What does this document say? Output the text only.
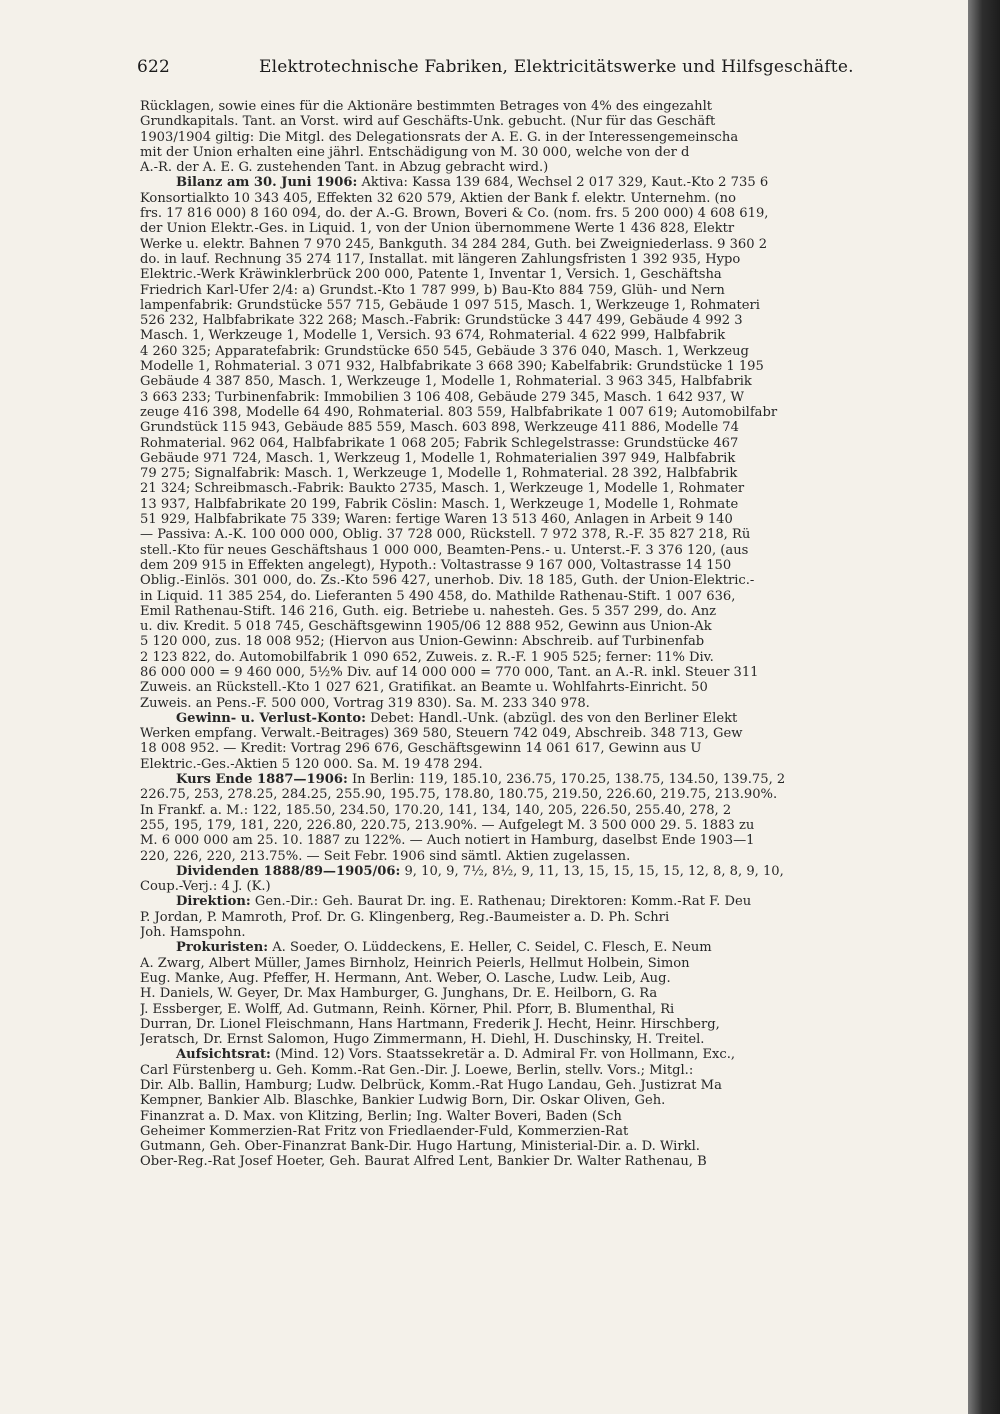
622	Elektrotechnische Fabriken, Elektricitätswerke und Hilfsgeschäfte.
Rücklagen, sowie eines für die Aktionäre bestimmten Betrages von 4% des eingezahlt
Grundkapitals. Tant. an Vorst. wird auf Geschäfts-Unk. gebucht. (Nur für das Geschäft
1903/1904 giltig: Die Mitgl. des Delegationsrats der A. E. G. in der Interessengemeinscha
mit der Union erhalten eine jährl. Entschädigung von M. 30 000, welche von der d
A.-R. der A. E. G. zustehenden Tant. in Abzug gebracht wird.)
Bilanz am 30. Juni 1906: Aktiva: Kassa 139 684, Wechsel 2 017 329, Kaut.-Kto 2 735 6
Konsortialkto 10 343 405, Effekten 32 620 579, Aktien der Bank f. elektr. Unternehm. (no
frs. 17 816 000) 8 160 094, do. der A.-G. Brown, Boveri & Co. (nom. frs. 5 200 000) 4 608 619,
der Union Elektr.-Ges. in Liquid. 1, von der Union übernommene Werte 1 436 828, Elektr
Werke u. elektr. Bahnen 7 970 245, Bankguth. 34 284 284, Guth. bei Zweigniederlass. 9 360 2
do. in lauf. Rechnung 35 274 117, Installat. mit längeren Zahlungsfristen 1 392 935, Hypo
Elektric.-Werk Kräwinklerbrück 200 000, Patente 1, Inventar 1, Versich. 1, Geschäftsha
Friedrich Karl-Ufer 2/4: a) Grundst.-Kto 1 787 999, b) Bau-Kto 884 759, Glüh- und Nern
lampenfabrik: Grundstücke 557 715, Gebäude 1 097 515, Masch. 1, Werkzeuge 1, Rohmateri
526 232, Halbfabrikate 322 268; Masch.-Fabrik: Grundstücke 3 447 499, Gebäude 4 992 3
Masch. 1, Werkzeuge 1, Modelle 1, Versich. 93 674, Rohmaterial. 4 622 999, Halbfabrik
4 260 325; Apparatefabrik: Grundstücke 650 545, Gebäude 3 376 040, Masch. 1, Werkzeug
Modelle 1, Rohmaterial. 3 071 932, Halbfabrikate 3 668 390; Kabelfabrik: Grundstücke 1 195
Gebäude 4 387 850, Masch. 1, Werkzeuge 1, Modelle 1, Rohmaterial. 3 963 345, Halbfabrik
3 663 233; Turbinenfabrik: Immobilien 3 106 408, Gebäude 279 345, Masch. 1 642 937, W
zeuge 416 398, Modelle 64 490, Rohmaterial. 803 559, Halbfabrikate 1 007 619; Automobilfabr
Grundstück 115 943, Gebäude 885 559, Masch. 603 898, Werkzeuge 411 886, Modelle 74
Rohmaterial. 962 064, Halbfabrikate 1 068 205; Fabrik Schlegelstrasse: Grundstücke 467
Gebäude 971 724, Masch. 1, Werkzeug 1, Modelle 1, Rohmaterialien 397 949, Halbfabrik
79 275; Signalfabrik: Masch. 1, Werkzeuge 1, Modelle 1, Rohmaterial. 28 392, Halbfabrik
21 324; Schreibmasch.-Fabrik: Baukto 2735, Masch. 1, Werkzeuge 1, Modelle 1, Rohmater
13 937, Halbfabrikate 20 199, Fabrik Cöslin: Masch. 1, Werkzeuge 1, Modelle 1, Rohmate
51 929, Halbfabrikate 75 339; Waren: fertige Waren 13 513 460, Anlagen in Arbeit 9 140
— Passiva: A.-K. 100 000 000, Oblig. 37 728 000, Rückstell. 7 972 378, R.-F. 35 827 218, Rü
stell.-Kto für neues Geschäftshaus 1 000 000, Beamten-Pens.- u. Unterst.-F. 3 376 120, (aus
dem 209 915 in Effekten angelegt), Hypoth.: Voltastrasse 9 167 000, Voltastrasse 14 150
Oblig.-Einlös. 301 000, do. Zs.-Kto 596 427, unerhob. Div. 18 185, Guth. der Union-Elektric.-
in Liquid. 11 385 254, do. Lieferanten 5 490 458, do. Mathilde Rathenau-Stift. 1 007 636,
Emil Rathenau-Stift. 146 216, Guth. eig. Betriebe u. nahesteh. Ges. 5 357 299, do. Anz
u. div. Kredit. 5 018 745, Geschäftsgewinn 1905/06 12 888 952, Gewinn aus Union-Ak
5 120 000, zus. 18 008 952; (Hiervon aus Union-Gewinn: Abschreib. auf Turbinenfab
2 123 822, do. Automobilfabrik 1 090 652, Zuweis. z. R.-F. 1 905 525; ferner: 11% Div.
86 000 000 = 9 460 000, 5½% Div. auf 14 000 000 = 770 000, Tant. an A.-R. inkl. Steuer 311
Zuweis. an Rückstell.-Kto 1 027 621, Gratifikat. an Beamte u. Wohlfahrts-Einricht. 50
Zuweis. an Pens.-F. 500 000, Vortrag 319 830). Sa. M. 233 340 978.
Gewinn- u. Verlust-Konto: Debet: Handl.-Unk. (abzügl. des von den Berliner Elekt
Werken empfang. Verwalt.-Beitrages) 369 580, Steuern 742 049, Abschreib. 348 713, Gew
18 008 952. — Kredit: Vortrag 296 676, Geschäftsgewinn 14 061 617, Gewinn aus U
Elektric.-Ges.-Aktien 5 120 000. Sa. M. 19 478 294.
Kurs Ende 1887—1906: In Berlin: 119, 185.10, 236.75, 170.25, 138.75, 134.50, 139.75, 2
226.75, 253, 278.25, 284.25, 255.90, 195.75, 178.80, 180.75, 219.50, 226.60, 219.75, 213.90%.
In Frankf. a. M.: 122, 185.50, 234.50, 170.20, 141, 134, 140, 205, 226.50, 255.40, 278, 2
255, 195, 179, 181, 220, 226.80, 220.75, 213.90%. — Aufgelegt M. 3 500 000 29. 5. 1883 zu
M. 6 000 000 am 25. 10. 1887 zu 122%. — Auch notiert in Hamburg, daselbst Ende 1903—1
220, 226, 220, 213.75%. — Seit Febr. 1906 sind sämtl. Aktien zugelassen.
Dividenden 1888/89—1905/06: 9, 10, 9, 7½, 8½, 9, 11, 13, 15, 15, 15, 15, 12, 8, 8, 9, 10,
Coup.-Verj.: 4 J. (K.)
Direktion: Gen.-Dir.: Geh. Baurat Dr. ing. E. Rathenau; Direktoren: Komm.-Rat F. Deu
P. Jordan, P. Mamroth, Prof. Dr. G. Klingenberg, Reg.-Baumeister a. D. Ph. Schri
Joh. Hamspohn.
Prokuristen: A. Soeder, O. Lüddeckens, E. Heller, C. Seidel, C. Flesch, E. Neum
A. Zwarg, Albert Müller, James Birnholz, Heinrich Peierls, Hellmut Holbein, Simon
Eug. Manke, Aug. Pfeffer, H. Hermann, Ant. Weber, O. Lasche, Ludw. Leib, Aug.
H. Daniels, W. Geyer, Dr. Max Hamburger, G. Junghans, Dr. E. Heilborn, G. Ra
J. Essberger, E. Wolff, Ad. Gutmann, Reinh. Körner, Phil. Pforr, B. Blumenthal, Ri
Durran, Dr. Lionel Fleischmann, Hans Hartmann, Frederik J. Hecht, Heinr. Hirschberg,
Jeratsch, Dr. Ernst Salomon, Hugo Zimmermann, H. Diehl, H. Duschinsky, H. Treitel.
Aufsichtsrat: (Mind. 12) Vors. Staatssekretär a. D. Admiral Fr. von Hollmann, Exc.,
Carl Fürstenberg u. Geh. Komm.-Rat Gen.-Dir. J. Loewe, Berlin, stellv. Vors.; Mitgl.:
Dir. Alb. Ballin, Hamburg; Ludw. Delbrück, Komm.-Rat Hugo Landau, Geh. Justizrat Ma
Kempner, Bankier Alb. Blaschke, Bankier Ludwig Born, Dir. Oskar Oliven, Geh.
Finanzrat a. D. Max. von Klitzing, Berlin; Ing. Walter Boveri, Baden (Sch
Geheimer Kommerzien-Rat Fritz von Friedlaender-Fuld, Kommerzien-Rat
Gutmann, Geh. Ober-Finanzrat Bank-Dir. Hugo Hartung, Ministerial-Dir. a. D. Wirkl.
Ober-Reg.-Rat Josef Hoeter, Geh. Baurat Alfred Lent, Bankier Dr. Walter Rathenau, B
